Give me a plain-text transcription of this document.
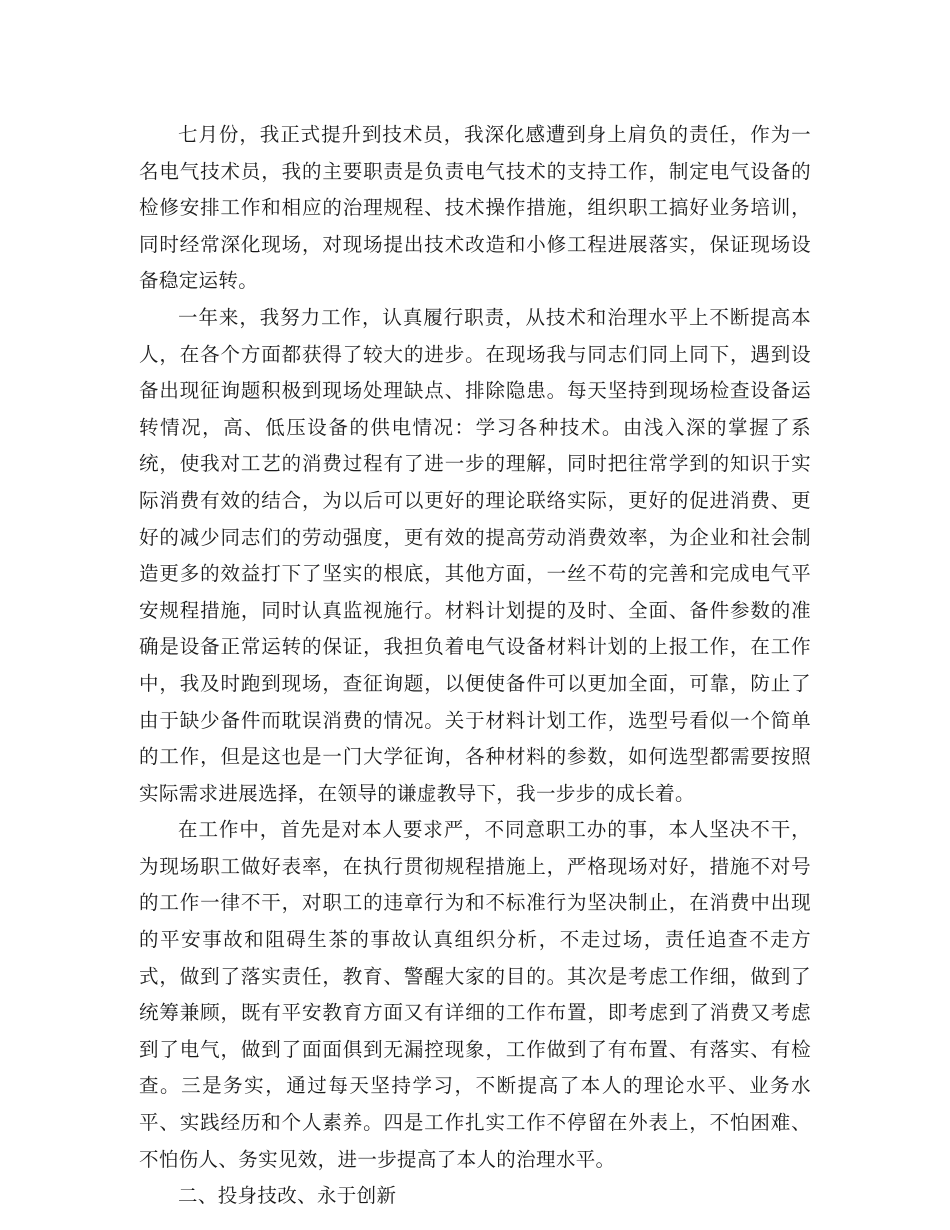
七月份，我正式提升到技术员，我深化感遭到身上肩负的责任，作为一名电气技术员，我的主要职责是负责电气技术的支持工作，制定电气设备的检修安排工作和相应的治理规程、技术操作措施，组织职工搞好业务培训，同时经常深化现场，对现场提出技术改造和小修工程进展落实，保证现场设备稳定运转。

一年来，我努力工作，认真履行职责，从技术和治理水平上不断提高本人，在各个方面都获得了较大的进步。在现场我与同志们同上同下，遇到设备出现征询题积极到现场处理缺点、排除隐患。每天坚持到现场检查设备运转情况，高、低压设备的供电情况：学习各种技术。由浅入深的掌握了系统，使我对工艺的消费过程有了进一步的理解，同时把往常学到的知识于实际消费有效的结合，为以后可以更好的理论联络实际，更好的促进消费、更好的减少同志们的劳动强度，更有效的提高劳动消费效率，为企业和社会制造更多的效益打下了坚实的根底，其他方面，一丝不苟的完善和完成电气平安规程措施，同时认真监视施行。材料计划提的及时、全面、备件参数的准确是设备正常运转的保证，我担负着电气设备材料计划的上报工作，在工作中，我及时跑到现场，查征询题，以便使备件可以更加全面，可靠，防止了由于缺少备件而耽误消费的情况。关于材料计划工作，选型号看似一个简单的工作，但是这也是一门大学征询，各种材料的参数，如何选型都需要按照实际需求进展选择，在领导的谦虚教导下，我一步步的成长着。

在工作中，首先是对本人要求严，不同意职工办的事，本人坚决不干，为现场职工做好表率，在执行贯彻规程措施上，严格现场对好，措施不对号的工作一律不干，对职工的违章行为和不标准行为坚决制止，在消费中出现的平安事故和阻碍生茶的事故认真组织分析，不走过场，责任追查不走方式，做到了落实责任，教育、警醒大家的目的。其次是考虑工作细，做到了统筹兼顾，既有平安教育方面又有详细的工作布置，即考虑到了消费又考虑到了电气，做到了面面俱到无漏控现象，工作做到了有布置、有落实、有检查。三是务实，通过每天坚持学习，不断提高了本人的理论水平、业务水平、实践经历和个人素养。四是工作扎实工作不停留在外表上，不怕困难、不怕伤人、务实见效，进一步提高了本人的治理水平。

二、投身技改、永于创新
